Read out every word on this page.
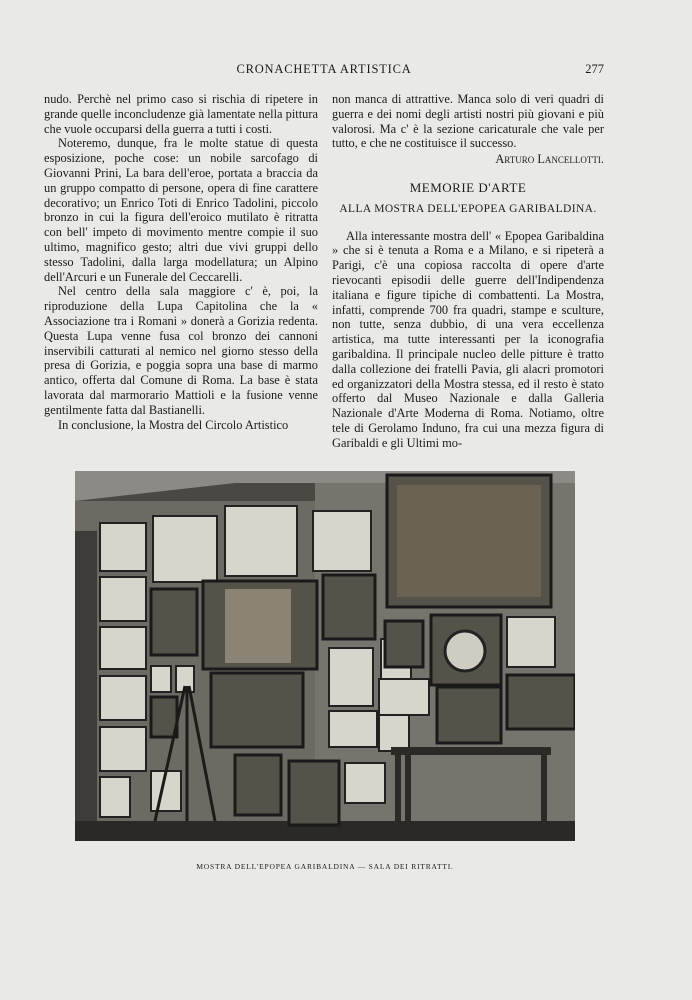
CRONACHETTA ARTISTICA	277

nudo. Perchè nel primo caso si rischia di ripetere in grande quelle inconcludenze già lamentate nella pittura che vuole occuparsi della guerra a tutti i costi.

Noteremo, dunque, fra le molte statue di questa esposizione, poche cose: un nobile sarcofago di Giovanni Prini, La bara dell'eroe, portata a braccia da un gruppo compatto di persone, opera di fine carattere decorativo; un Enrico Toti di Enrico Tadolini, piccolo bronzo in cui la figura dell'eroico mutilato è ritratta con bell' impeto di movimento mentre compie il suo ultimo, magnifico gesto; altri due vivi gruppi dello stesso Tadolini, dalla larga modellatura; un Alpino dell'Arcuri e un Funerale del Ceccarelli.

Nel centro della sala maggiore c' è, poi, la riproduzione della Lupa Capitolina che la « Associazione tra i Romani » donerà a Gorizia redenta. Questa Lupa venne fusa col bronzo dei cannoni inservibili catturati al nemico nel giorno stesso della presa di Gorizia, e poggia sopra una base di marmo antico, offerta dal Comune di Roma. La base è stata lavorata dal marmorario Mattioli e la fusione venne gentilmente fatta dal Bastianelli.

In conclusione, la Mostra del Circolo Artistico

non manca di attrattive. Manca solo di veri quadri di guerra e dei nomi degli artisti nostri più giovani e più valorosi. Ma c' è la sezione caricaturale che vale per tutto, e che ne costituisce il successo.

Arturo Lancellotti.

MEMORIE D'ARTE
ALLA MOSTRA DELL'EPOPEA GARIBALDINA.

Alla interessante mostra dell' « Epopea Garibaldina » che si è tenuta a Roma e a Milano, e si ripeterà a Parigi, c'è una copiosa raccolta di opere d'arte rievocanti episodii delle guerre dell'Indipendenza italiana e figure tipiche di combattenti. La Mostra, infatti, comprende 700 fra quadri, stampe e sculture, non tutte, senza dubbio, di una vera eccellenza artistica, ma tutte interessanti per la iconografia garibaldina. Il principale nucleo delle pitture è tratto dalla collezione dei fratelli Pavia, gli alacri promotori ed organizzatori della Mostra stessa, ed il resto è stato offerto dal Museo Nazionale e dalla Galleria Nazionale d'Arte Moderna di Roma. Notiamo, oltre tele di Gerolamo Induno, fra cui una mezza figura di Garibaldi e gli Ultimi mo-

MOSTRA DELL'EPOPEA GARIBALDINA — SALA DEI RITRATTI.
